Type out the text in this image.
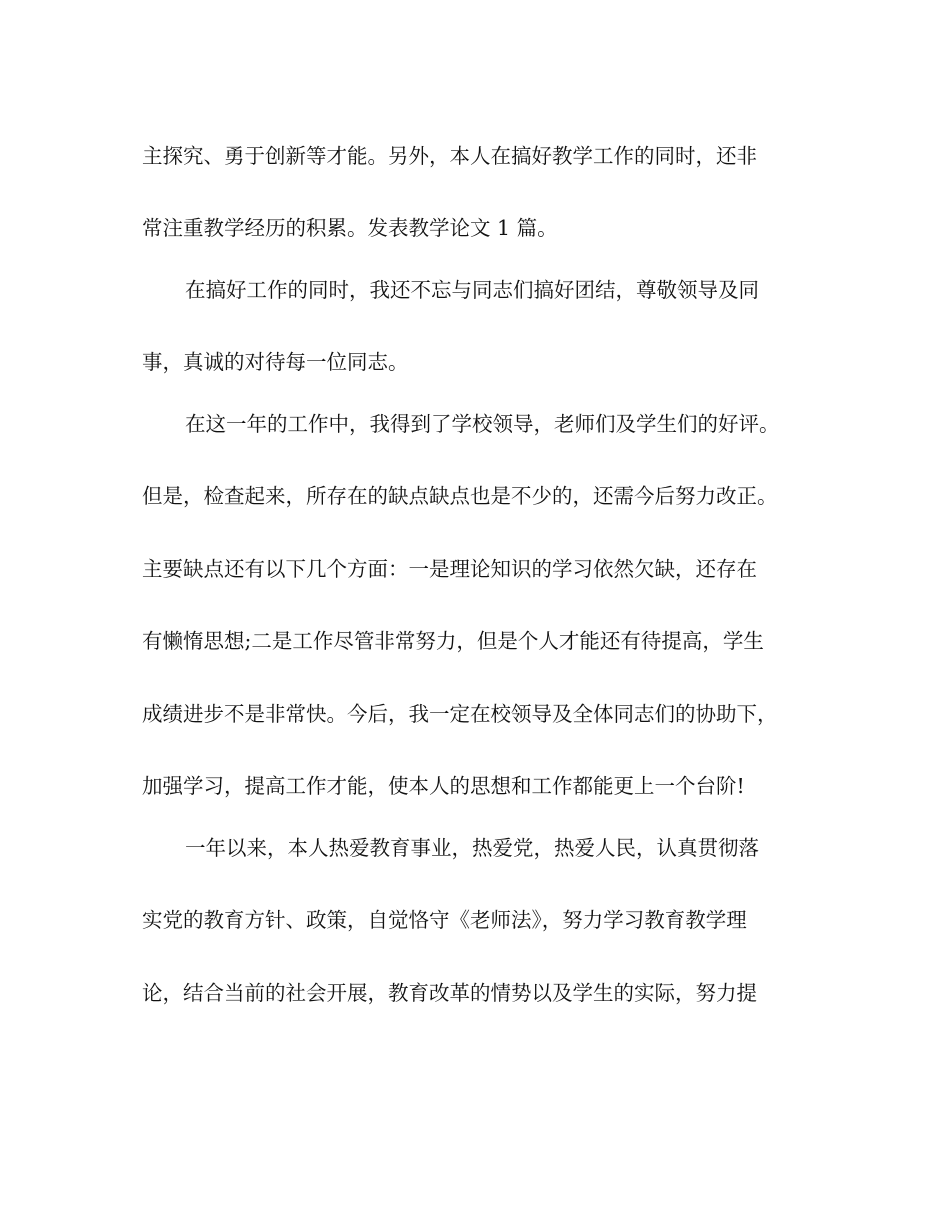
主探究、勇于创新等才能。另外，本人在搞好教学工作的同时，还非
常注重教学经历的积累。发表教学论文 1 篇。
在搞好工作的同时，我还不忘与同志们搞好团结，尊敬领导及同
事，真诚的对待每一位同志。
在这一年的工作中，我得到了学校领导，老师们及学生们的好评。
但是，检查起来，所存在的缺点缺点也是不少的，还需今后努力改正。
主要缺点还有以下几个方面：一是理论知识的学习依然欠缺，还存在
有懒惰思想;二是工作尽管非常努力，但是个人才能还有待提高，学生
成绩进步不是非常快。今后，我一定在校领导及全体同志们的协助下，
加强学习，提高工作才能，使本人的思想和工作都能更上一个台阶!
一年以来，本人热爱教育事业，热爱党，热爱人民，认真贯彻落
实党的教育方针、政策，自觉恪守《老师法》，努力学习教育教学理
论，结合当前的社会开展，教育改革的情势以及学生的实际，努力提
